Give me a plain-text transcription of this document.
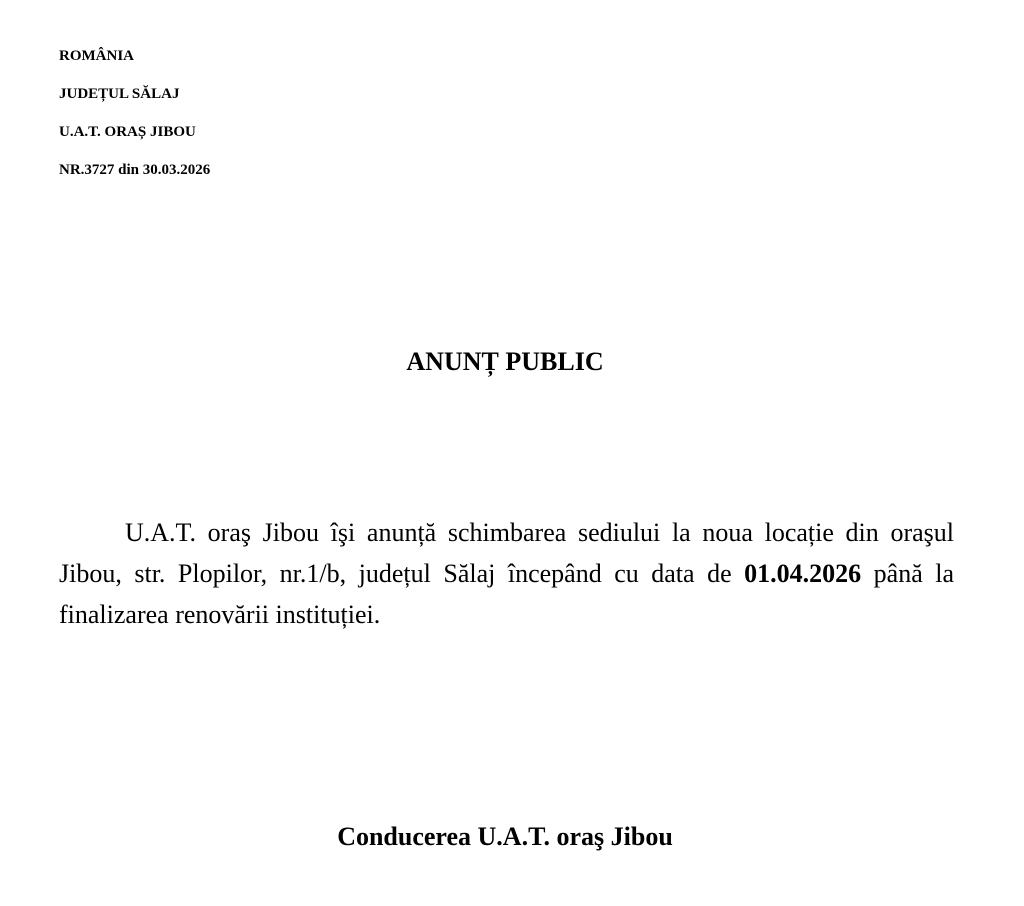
ROMÂNIA
JUDEȚUL SĂLAJ
U.A.T. ORAȘ JIBOU
NR.3727 din 30.03.2026
ANUNȚ PUBLIC

U.A.T. oraş Jibou îşi anunță schimbarea sediului la noua locație din oraşul Jibou, str. Plopilor, nr.1/b, județul Sălaj începând cu data de 01.04.2026 până la finalizarea renovării instituției.

Conducerea U.A.T. oraş Jibou
